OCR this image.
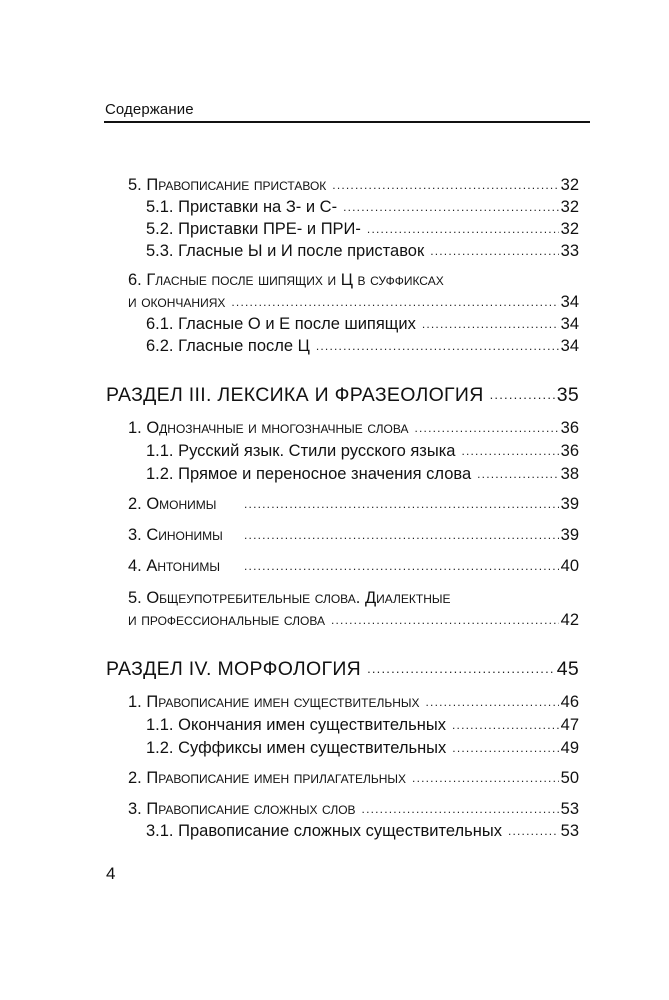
Содержание
5. Правописание приставок .....	32
5.1. Приставки на З- и С- .....	32
5.2. Приставки ПРЕ- и ПРИ- .....	32
5.3. Гласные Ы и И после приставок .....	33
6. Гласные после шипящих и Ц в суффиксах
и окончаниях .....	34
6.1. Гласные О и Е после шипящих .....	34
6.2. Гласные после Ц .....	34
РАЗДЕЛ III. ЛЕКСИКА И ФРАЗЕОЛОГИЯ .....	35
1. Однозначные и многозначные слова .....	36
1.1. Русский язык. Стили русского языка .....	36
1.2. Прямое и переносное значения слова .....	38
2. Омонимы .....	39
3. Синонимы .....	39
4. Антонимы .....	40
5. Общеупотребительные слова. Диалектные
и профессиональные слова .....	42
РАЗДЕЛ IV. МОРФОЛОГИЯ .....	45
1. Правописание имен существительных .....	46
1.1. Окончания имен существительных .....	47
1.2. Суффиксы имен существительных .....	49
2. Правописание имен прилагательных .....	50
3. Правописание сложных слов .....	53
3.1. Правописание сложных существительных .....	53
4
